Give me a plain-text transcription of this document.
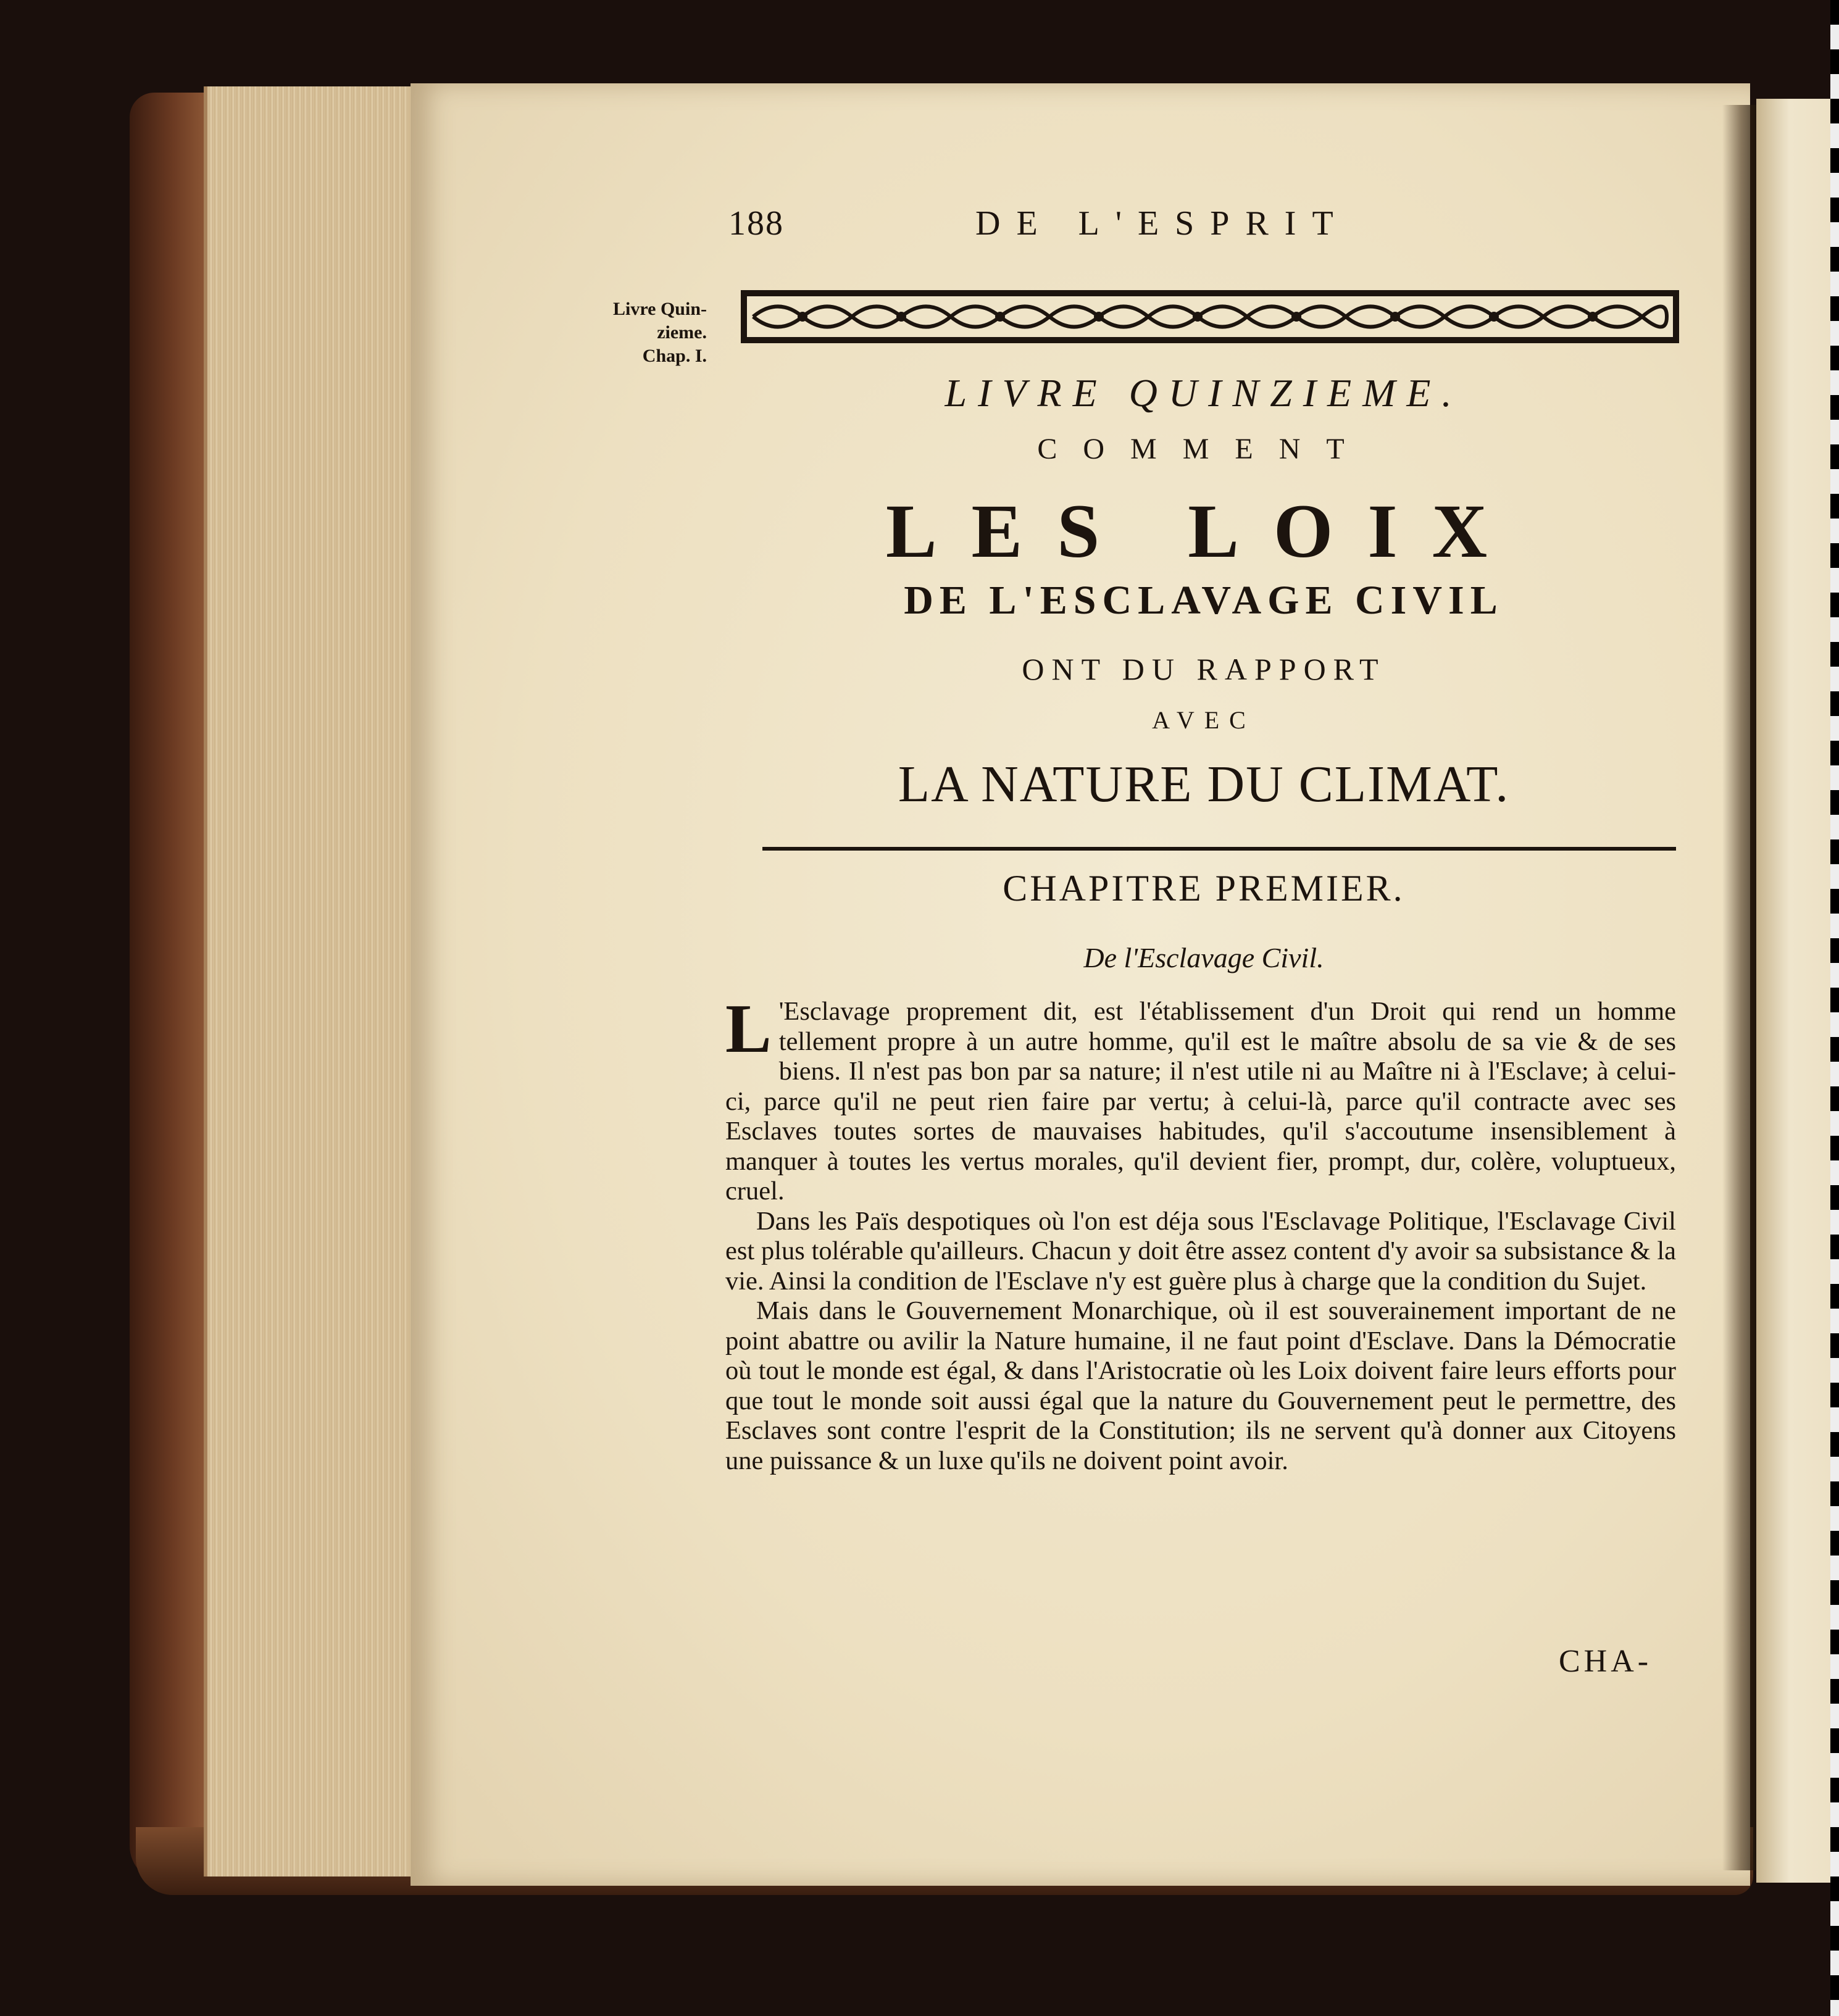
188	DE L'ESPRIT
Livre Quin-zieme. Chap. I.
LIVRE QUINZIEME.
COMMENT
LES LOIX
DE L'ESCLAVAGE CIVIL
ONT DU RAPPORT
AVEC
LA NATURE DU CLIMAT.
CHAPITRE PREMIER.
De l'Esclavage Civil.

L 'Esclavage proprement dit, est l'établissement d'un Droit qui rend un homme tellement propre à un autre homme, qu'il est le maître absolu de sa vie & de ses biens. Il n'est pas bon par sa nature; il n'est utile ni au Maître ni à l'Esclave; à celui-ci, parce qu'il ne peut rien faire par vertu; à celui-là, parce qu'il contracte avec ses Esclaves toutes sortes de mauvaises habitudes, qu'il s'accoutume insensiblement à manquer à toutes les vertus morales, qu'il devient fier, prompt, dur, colère, voluptueux, cruel.

Dans les Païs despotiques où l'on est déja sous l'Esclavage Politique, l'Esclavage Civil est plus tolérable qu'ailleurs. Chacun y doit être assez content d'y avoir sa subsistance & la vie. Ainsi la condition de l'Esclave n'y est guère plus à charge que la condition du Sujet.

Mais dans le Gouvernement Monarchique, où il est souverainement important de ne point abattre ou avilir la Nature humaine, il ne faut point d'Esclave. Dans la Démocratie où tout le monde est égal, & dans l'Aristocratie où les Loix doivent faire leurs efforts pour que tout le monde soit aussi égal que la nature du Gouvernement peut le permettre, des Esclaves sont contre l'esprit de la Constitution; ils ne servent qu'à donner aux Citoyens une puissance & un luxe qu'ils ne doivent point avoir.

CHA-
